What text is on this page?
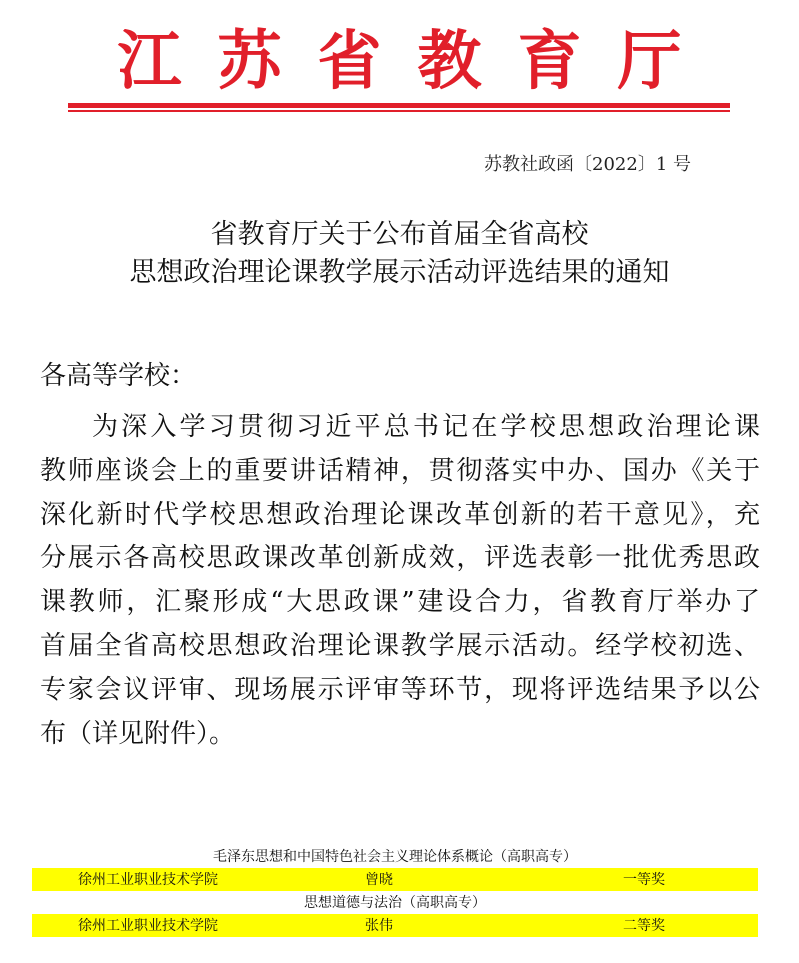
江苏省教育厅
苏教社政函〔2022〕1 号
省教育厅关于公布首届全省高校
思想政治理论课教学展示活动评选结果的通知
各高等学校：
为深入学习贯彻习近平总书记在学校思想政治理论课
教师座谈会上的重要讲话精神，贯彻落实中办、国办《关于
深化新时代学校思想政治理论课改革创新的若干意见》，充
分展示各高校思政课改革创新成效，评选表彰一批优秀思政
课教师，汇聚形成“大思政课”建设合力，省教育厅举办了
首届全省高校思想政治理论课教学展示活动。经学校初选、
专家会议评审、现场展示评审等环节，现将评选结果予以公
布（详见附件）。
毛泽东思想和中国特色社会主义理论体系概论（高职高专）
徐州工业职业技术学院	曾晓	一等奖
思想道德与法治（高职高专）
徐州工业职业技术学院	张伟	二等奖
